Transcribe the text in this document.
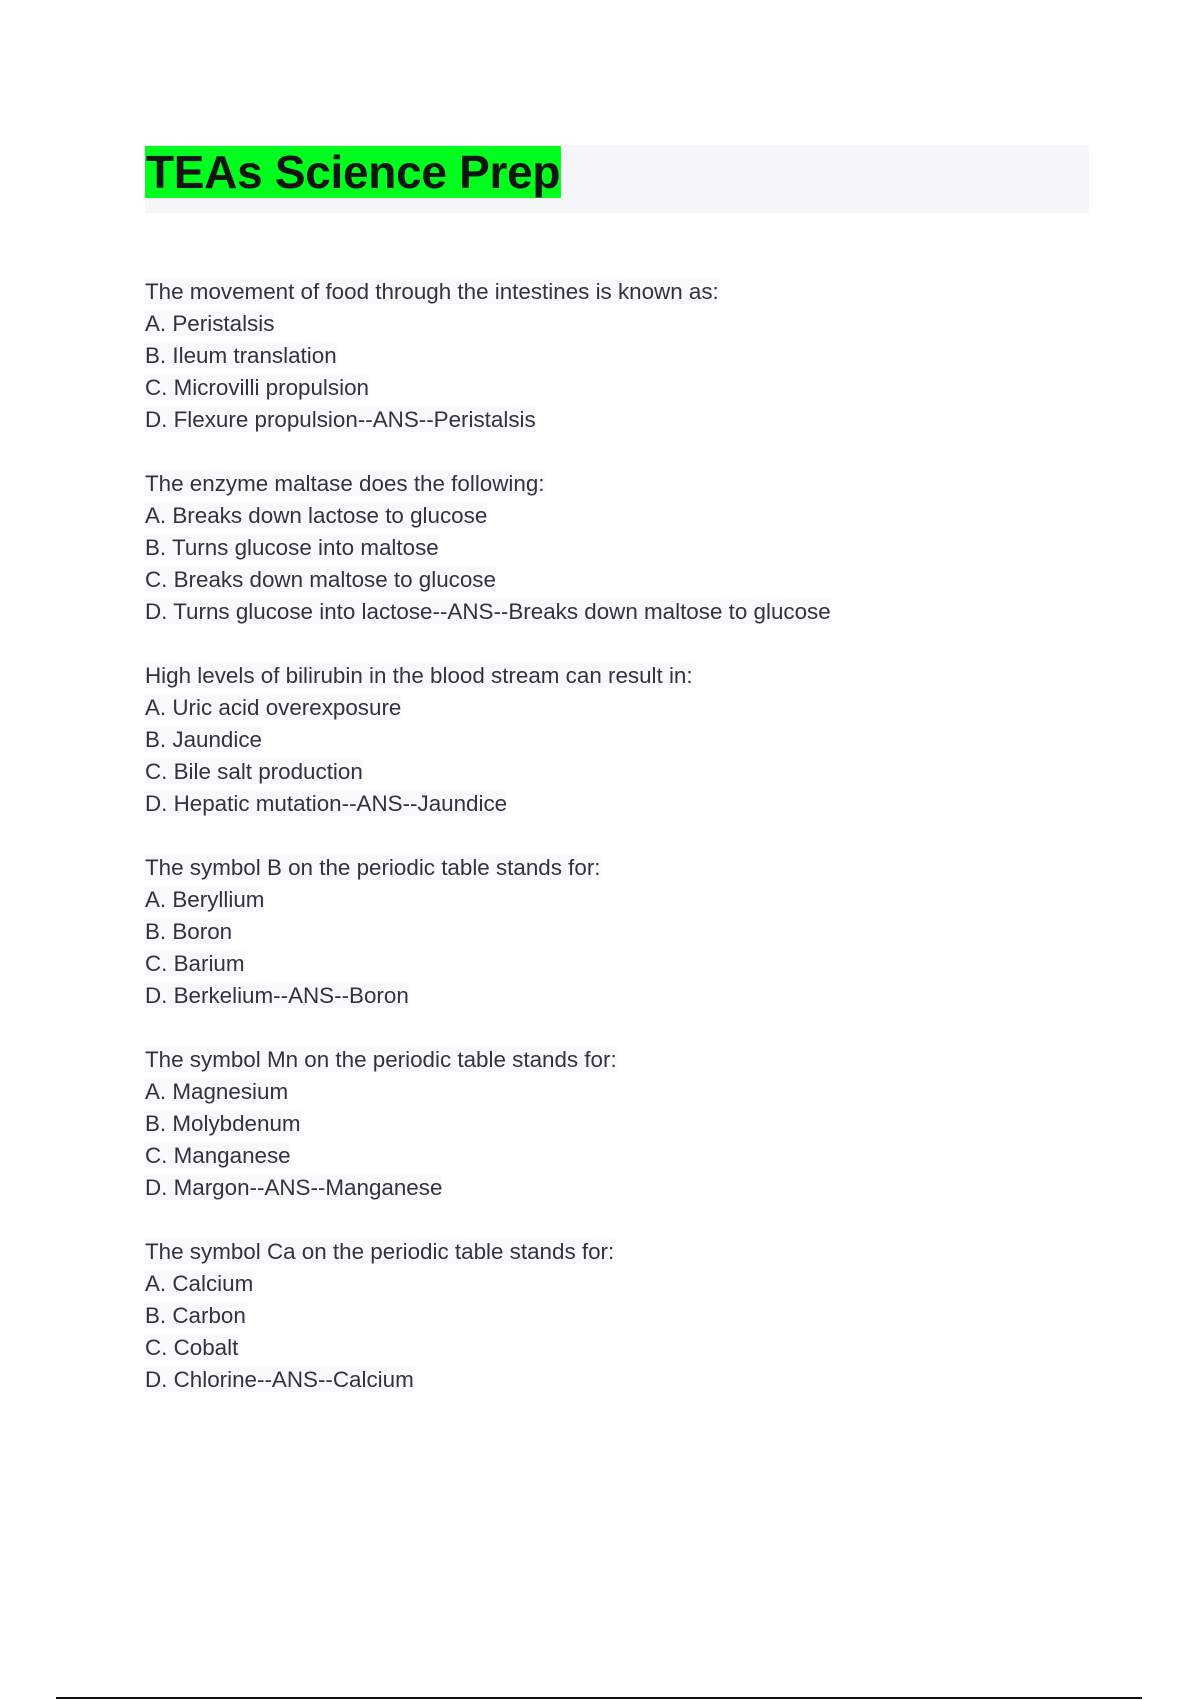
TEAs Science Prep
The movement of food through the intestines is known as:
A. Peristalsis
B. Ileum translation
C. Microvilli propulsion
D. Flexure propulsion--ANS--Peristalsis
The enzyme maltase does the following:
A. Breaks down lactose to glucose
B. Turns glucose into maltose
C. Breaks down maltose to glucose
D. Turns glucose into lactose--ANS--Breaks down maltose to glucose
High levels of bilirubin in the blood stream can result in:
A. Uric acid overexposure
B. Jaundice
C. Bile salt production
D. Hepatic mutation--ANS--Jaundice
The symbol B on the periodic table stands for:
A. Beryllium
B. Boron
C. Barium
D. Berkelium--ANS--Boron
The symbol Mn on the periodic table stands for:
A. Magnesium
B. Molybdenum
C. Manganese
D. Margon--ANS--Manganese
The symbol Ca on the periodic table stands for:
A. Calcium
B. Carbon
C. Cobalt
D. Chlorine--ANS--Calcium
